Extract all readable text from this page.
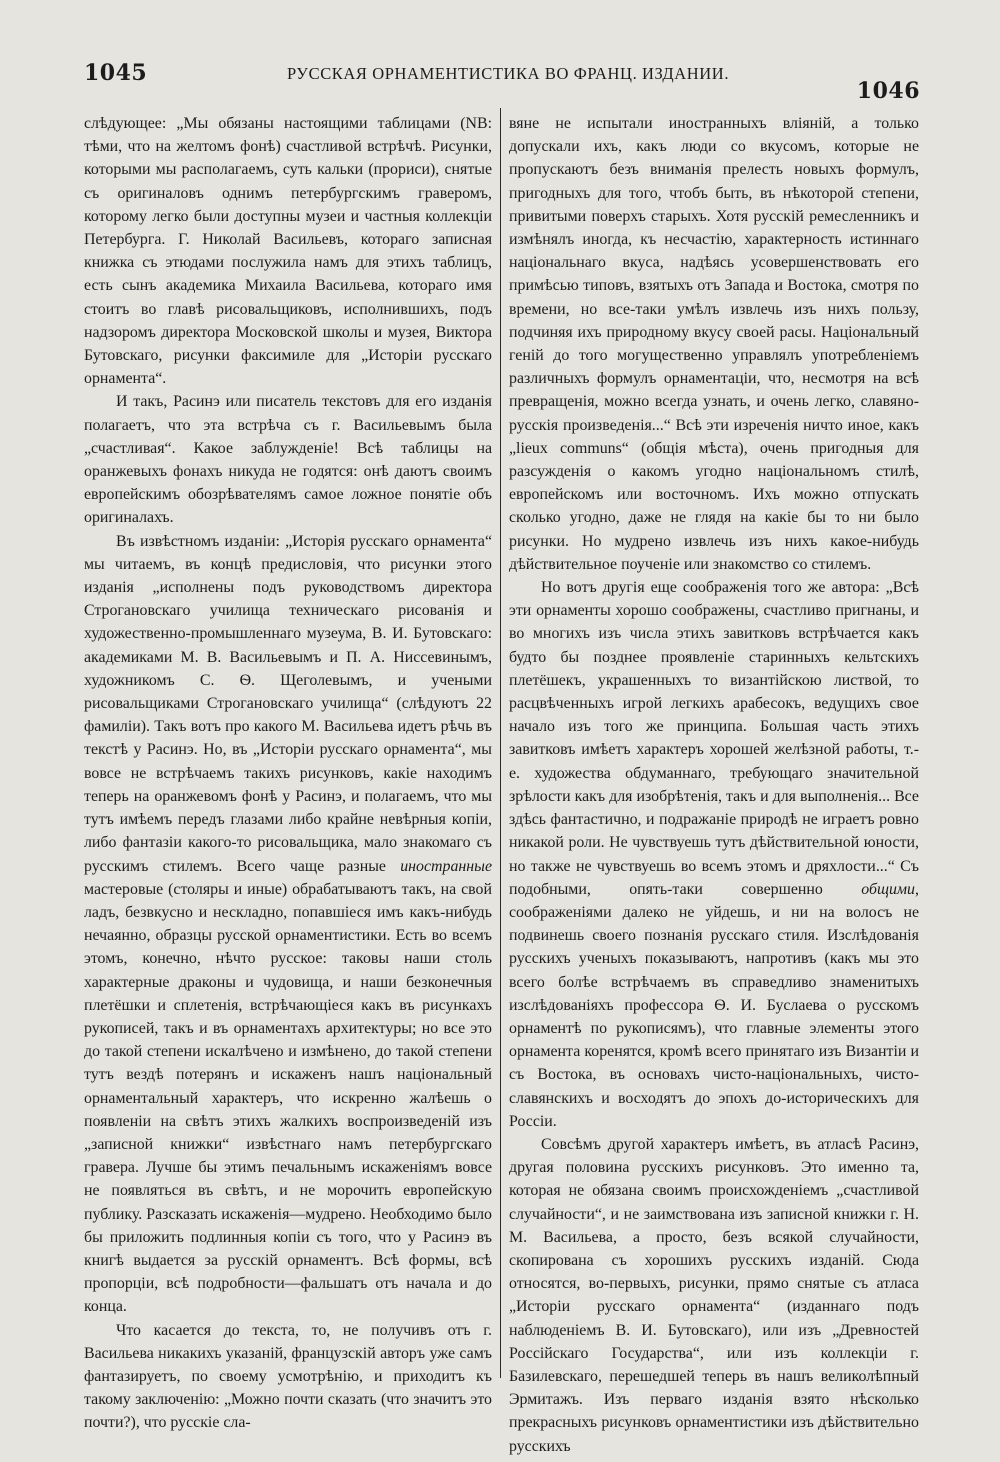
1045	РУССКАЯ ОРНАМЕНТИСТИКА ВО ФРАНЦ. ИЗДАНИИ.
1046

слѣдующее: „Мы обязаны настоящими таблицами (NB: тѣми, что на желтомъ фонѣ) счастливой встрѣчѣ. Рисунки, которыми мы располагаемъ, суть кальки (прориси), снятые съ оригиналовъ однимъ петербургскимъ граверомъ, которому легко были доступны музеи и частныя коллекціи Петербурга. Г. Николай Васильевъ, котораго записная книжка съ этюдами послужила намъ для этихъ таблицъ, есть сынъ академика Михаила Васильева, котораго имя стоитъ во главѣ рисовальщиковъ, исполнившихъ, подъ надзоромъ директора Московской школы и музея, Виктора Бутовскаго, рисунки факсимиле для „Исторіи русскаго орнамента“.

И такъ, Расинэ или писатель текстовъ для его изданія полагаетъ, что эта встрѣча съ г. Васильевымъ была „счастливая“. Какое заблужденіе! Всѣ таблицы на оранжевыхъ фонахъ никуда не годятся: онѣ даютъ своимъ европейскимъ обозрѣвателямъ самое ложное понятіе объ оригиналахъ.

Въ извѣстномъ изданіи: „Исторія русскаго орнамента“ мы читаемъ, въ концѣ предисловія, что рисунки этого изданія „исполнены подъ руководствомъ директора Строгановскаго училища техническаго рисованія и художественно-промышленнаго музеума, В. И. Бутовскаго: академиками М. В. Васильевымъ и П. А. Ниссевинымъ, художникомъ С. Ѳ. Щеголевымъ, и учеными рисовальщиками Строгановскаго училища“ (слѣдуютъ 22 фамиліи). Такъ вотъ про какого М. Васильева идетъ рѣчь въ текстѣ у Расинэ. Но, въ „Исторіи русскаго орнамента“, мы вовсе не встрѣчаемъ такихъ рисунковъ, какіе находимъ теперь на оранжевомъ фонѣ у Расинэ, и полагаемъ, что мы тутъ имѣемъ передъ глазами либо крайне невѣрныя копіи, либо фантазіи какого-то рисовальщика, мало знакомаго съ русскимъ стилемъ. Всего чаще разные иностранные мастеровые (столяры и иные) обрабатываютъ такъ, на свой ладъ, безвкусно и нескладно, попавшіеся имъ какъ-нибудь нечаянно, образцы русской орнаментистики. Есть во всемъ этомъ, конечно, нѣчто русское: таковы наши столь характерные драконы и чудовища, и наши безконечныя плетёшки и сплетенія, встрѣчающіеся какъ въ рисункахъ рукописей, такъ и въ орнаментахъ архитектуры; но все это до такой степени искалѣчено и измѣнено, до такой степени тутъ вездѣ потерянъ и искаженъ нашъ національный орнаментальный характеръ, что искренно жалѣешь о появленіи на свѣтъ этихъ жалкихъ воспроизведеній изъ „записной книжки“ извѣстнаго намъ петербургскаго гравера. Лучше бы этимъ печальнымъ искаженіямъ вовсе не появляться въ свѣтъ, и не морочить европейскую публику. Разсказать искаженія—мудрено. Необходимо было бы приложить подлинныя копіи съ того, что у Расинэ въ книгѣ выдается за русскій орнаментъ. Всѣ формы, всѣ пропорціи, всѣ подробности—фальшатъ отъ начала и до конца.

Что касается до текста, то, не получивъ отъ г. Васильева никакихъ указаній, французскій авторъ уже самъ фантазируетъ, по своему усмотрѣнію, и приходитъ къ такому заключенію: „Можно почти сказать (что значитъ это почти?), что русскіе сла-

вяне не испытали иностранныхъ вліяній, а только допускали ихъ, какъ люди со вкусомъ, которые не пропускаютъ безъ вниманія прелесть новыхъ формулъ, пригодныхъ для того, чтобъ быть, въ нѣкоторой степени, привитыми поверхъ старыхъ. Хотя русскій ремесленникъ и измѣнялъ иногда, къ несчастію, характерность истиннаго національнаго вкуса, надѣясь усовершенствовать его примѣсью типовъ, взятыхъ отъ Запада и Востока, смотря по времени, но все-таки умѣлъ извлечь изъ нихъ пользу, подчиняя ихъ природному вкусу своей расы. Національный геній до того могущественно управлялъ употребленіемъ различныхъ формулъ орнаментаціи, что, несмотря на всѣ превращенія, можно всегда узнать, и очень легко, славяно-русскія произведенія...“ Всѣ эти изреченія ничто иное, какъ „lieux communs“ (общія мѣста), очень пригодныя для разсужденія о какомъ угодно національномъ стилѣ, европейскомъ или восточномъ. Ихъ можно отпускать сколько угодно, даже не глядя на какіе бы то ни было рисунки. Но мудрено извлечь изъ нихъ какое-нибудь дѣйствительное поученіе или знакомство со стилемъ.

Но вотъ другія еще соображенія того же автора: „Всѣ эти орнаменты хорошо соображены, счастливо пригнаны, и во многихъ изъ числа этихъ завитковъ встрѣчается какъ будто бы позднее проявленіе старинныхъ кельтскихъ плетёшекъ, украшенныхъ то византійскою листвой, то расцвѣченныхъ игрой легкихъ арабесокъ, ведущихъ свое начало изъ того же принципа. Большая часть этихъ завитковъ имѣетъ характеръ хорошей желѣзной работы, т.-е. художества обдуманнаго, требующаго значительной зрѣлости какъ для изобрѣтенія, такъ и для выполненія... Все здѣсь фантастично, и подражаніе природѣ не играетъ ровно никакой роли. Не чувствуешь тутъ дѣйствительной юности, но также не чувствуешь во всемъ этомъ и дряхлости...“ Съ подобными, опять-таки совершенно общими, соображеніями далеко не уйдешь, и ни на волосъ не подвинешь своего познанія русскаго стиля. Изслѣдованія русскихъ ученыхъ показываютъ, напротивъ (какъ мы это всего болѣе встрѣчаемъ въ справедливо знаменитыхъ изслѣдованіяхъ профессора Ѳ. И. Буслаева о русскомъ орнаментѣ по рукописямъ), что главные элементы этого орнамента коренятся, кромѣ всего принятаго изъ Византіи и съ Востока, въ основахъ чисто-національныхъ, чисто-славянскихъ и восходятъ до эпохъ до-историческихъ для Россіи.

Совсѣмъ другой характеръ имѣетъ, въ атласѣ Расинэ, другая половина русскихъ рисунковъ. Это именно та, которая не обязана своимъ происхожденіемъ „счастливой случайности“, и не заимствована изъ записной книжки г. Н. М. Васильева, а просто, безъ всякой случайности, скопирована съ хорошихъ русскихъ изданій. Сюда относятся, во-первыхъ, рисунки, прямо снятые съ атласа „Исторіи русскаго орнамента“ (изданнаго подъ наблюденіемъ В. И. Бутовскаго), или изъ „Древностей Россійскаго Государства“, или изъ коллекціи г. Базилевскаго, перешедшей теперь въ нашъ великолѣпный Эрмитажъ. Изъ перваго изданія взято нѣсколько прекрасныхъ рисунковъ орнаментистики изъ дѣйствительно русскихъ
